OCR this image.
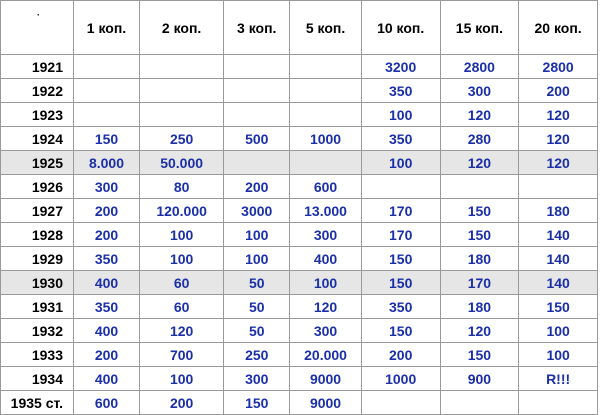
·	1 коп.	2 коп.	3 коп.	5 коп.	10 коп.	15 коп.	20 коп.
1921					3200	2800	2800
1922					350	300	200
1923					100	120	120
1924	150	250	500	1000	350	280	120
1925	8.000	50.000			100	120	120
1926	300	80	200	600			
1927	200	120.000	3000	13.000	170	150	180
1928	200	100	100	300	170	150	140
1929	350	100	100	400	150	180	140
1930	400	60	50	100	150	170	140
1931	350	60	50	120	350	180	150
1932	400	120	50	300	150	120	100
1933	200	700	250	20.000	200	150	100
1934	400	100	300	9000	1000	900	R!!!
1935 ст.	600	200	150	9000			
